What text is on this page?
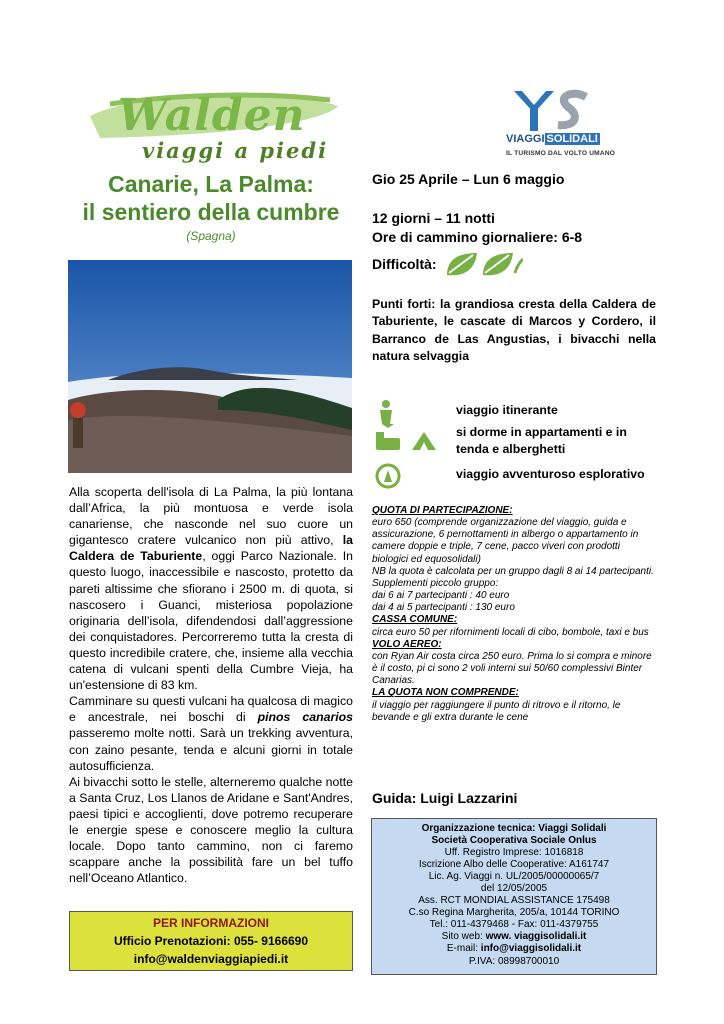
Walden
viaggi a piedi	VIAGGI SOLIDALI
IL TURISMO DAL VOLTO UMANO
Canarie, La Palma:
il sentiero della cumbre
(Spagna)
Alla scoperta dell'isola di La Palma, la più lontana dall’Africa, la più montuosa e verde isola canariense, che nasconde nel suo cuore un gigantesco cratere vulcanico non più attivo, la Caldera de Taburiente, oggi Parco Nazionale. In questo luogo, inaccessibile e nascosto, protetto da pareti altissime che sfiorano i 2500 m. di quota, si nascosero i Guanci, misteriosa popolazione originaria dell’isola, difendendosi dall’aggressione dei conquistadores. Percorreremo tutta la cresta di questo incredibile cratere, che, insieme alla vecchia catena di vulcani spenti della Cumbre Vieja, ha un'estensione di 83 km.
Camminare su questi vulcani ha qualcosa di magico e ancestrale, nei boschi di pinos canarios passeremo molte notti. Sarà un trekking avventura, con zaino pesante, tenda e alcuni giorni in totale autosufficienza.
Ai bivacchi sotto le stelle, alterneremo qualche notte a Santa Cruz, Los Llanos de Aridane e Sant'Andres, paesi tipici e accoglienti, dove potremo recuperare le energie spese e conoscere meglio la cultura locale. Dopo tanto cammino, non ci faremo scappare anche la possibilità fare un bel tuffo nell’Oceano Atlantico.
PER INFORMAZIONI
Ufficio Prenotazioni: 055- 9166690
info@waldenviaggiapiedi.it
Gio 25 Aprile – Lun 6 maggio
12 giorni – 11 notti
Ore di cammino giornaliere: 6-8
Difficoltà:
Punti forti: la grandiosa cresta della Caldera de Taburiente, le cascate di Marcos y Cordero, il Barranco de Las Angustias, i bivacchi nella natura selvaggia
viaggio itinerante
si dorme in appartamenti e in tenda e alberghetti
viaggio avventuroso esplorativo
QUOTA DI PARTECIPAZIONE:
euro 650 (comprende organizzazione del viaggio, guida e assicurazione, 6 pernottamenti in albergo o appartamento in camere doppie e triple, 7 cene, pacco viveri con prodotti biologici ed equosolidali)
NB la quota è calcolata per un gruppo dagli 8 ai 14 partecipanti. Supplementi piccolo gruppo:
dai 6 ai 7 partecipanti : 40 euro
dai 4 ai 5 partecipanti : 130 euro
CASSA COMUNE:
circa euro 50 per rifornimenti locali di cibo, bombole, taxi e bus
VOLO AEREO:
con Ryan Air costa circa 250 euro. Prima lo si compra e minore è il costo, pi ci sono 2 voli interni sui 50/60 complessivi Binter Canarias.
LA QUOTA NON COMPRENDE:
il viaggio per raggiungere il punto di ritrovo e il ritorno, le bevande e gli extra durante le cene
Guida: Luigi Lazzarini
Organizzazione tecnica: Viaggi Solidali
Società Cooperativa Sociale Onlus
Uff. Registro Imprese: 1016818
Iscrizione Albo delle Cooperative: A161747
Lic. Ag. Viaggi n. UL/2005/00000065/7
del 12/05/2005
Ass. RCT MONDIAL ASSISTANCE 175498
C.so Regina Margherita, 205/a, 10144 TORINO
Tel.: 011-4379468 - Fax: 011-4379755
Sito web: www. viaggisolidali.it
E-mail: info@viaggisolidali.it
P.IVA: 08998700010
